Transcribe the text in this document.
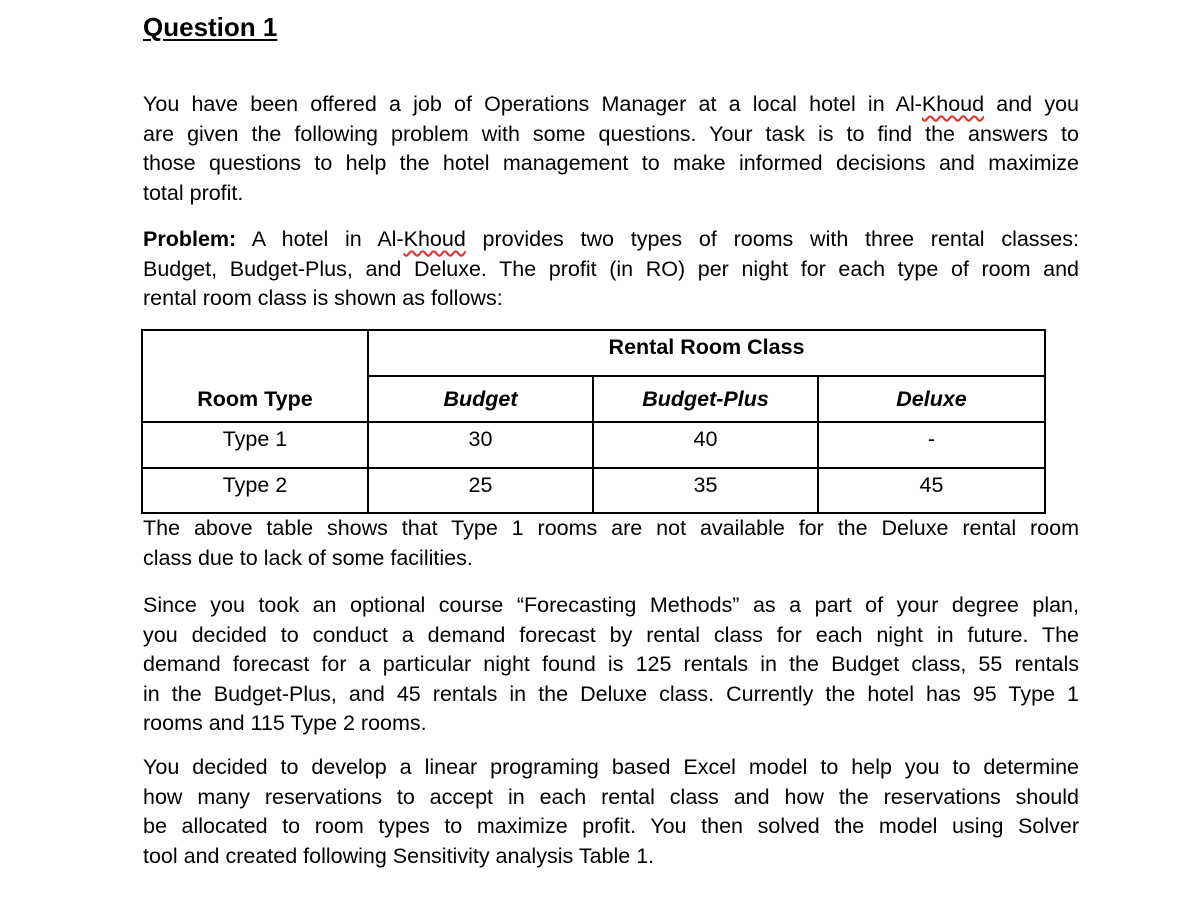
Question 1
You have been offered a job of Operations Manager at a local hotel in Al-Khoud and you
are given the following problem with some questions. Your task is to find the answers to
those questions to help the hotel management to make informed decisions and maximize
total profit.
Problem: A hotel in Al-Khoud provides two types of rooms with three rental classes:
Budget, Budget-Plus, and Deluxe. The profit (in RO) per night for each type of room and
rental room class is shown as follows:
Room Type	Rental Room Class		
	Budget	Budget-Plus	Deluxe
Type 1	30	40	-
Type 2	25	35	45
The above table shows that Type 1 rooms are not available for the Deluxe rental room
class due to lack of some facilities.
Since you took an optional course “Forecasting Methods” as a part of your degree plan,
you decided to conduct a demand forecast by rental class for each night in future. The
demand forecast for a particular night found is 125 rentals in the Budget class, 55 rentals
in the Budget-Plus, and 45 rentals in the Deluxe class. Currently the hotel has 95 Type 1
rooms and 115 Type 2 rooms.
You decided to develop a linear programing based Excel model to help you to determine
how many reservations to accept in each rental class and how the reservations should
be allocated to room types to maximize profit. You then solved the model using Solver
tool and created following Sensitivity analysis Table 1.
